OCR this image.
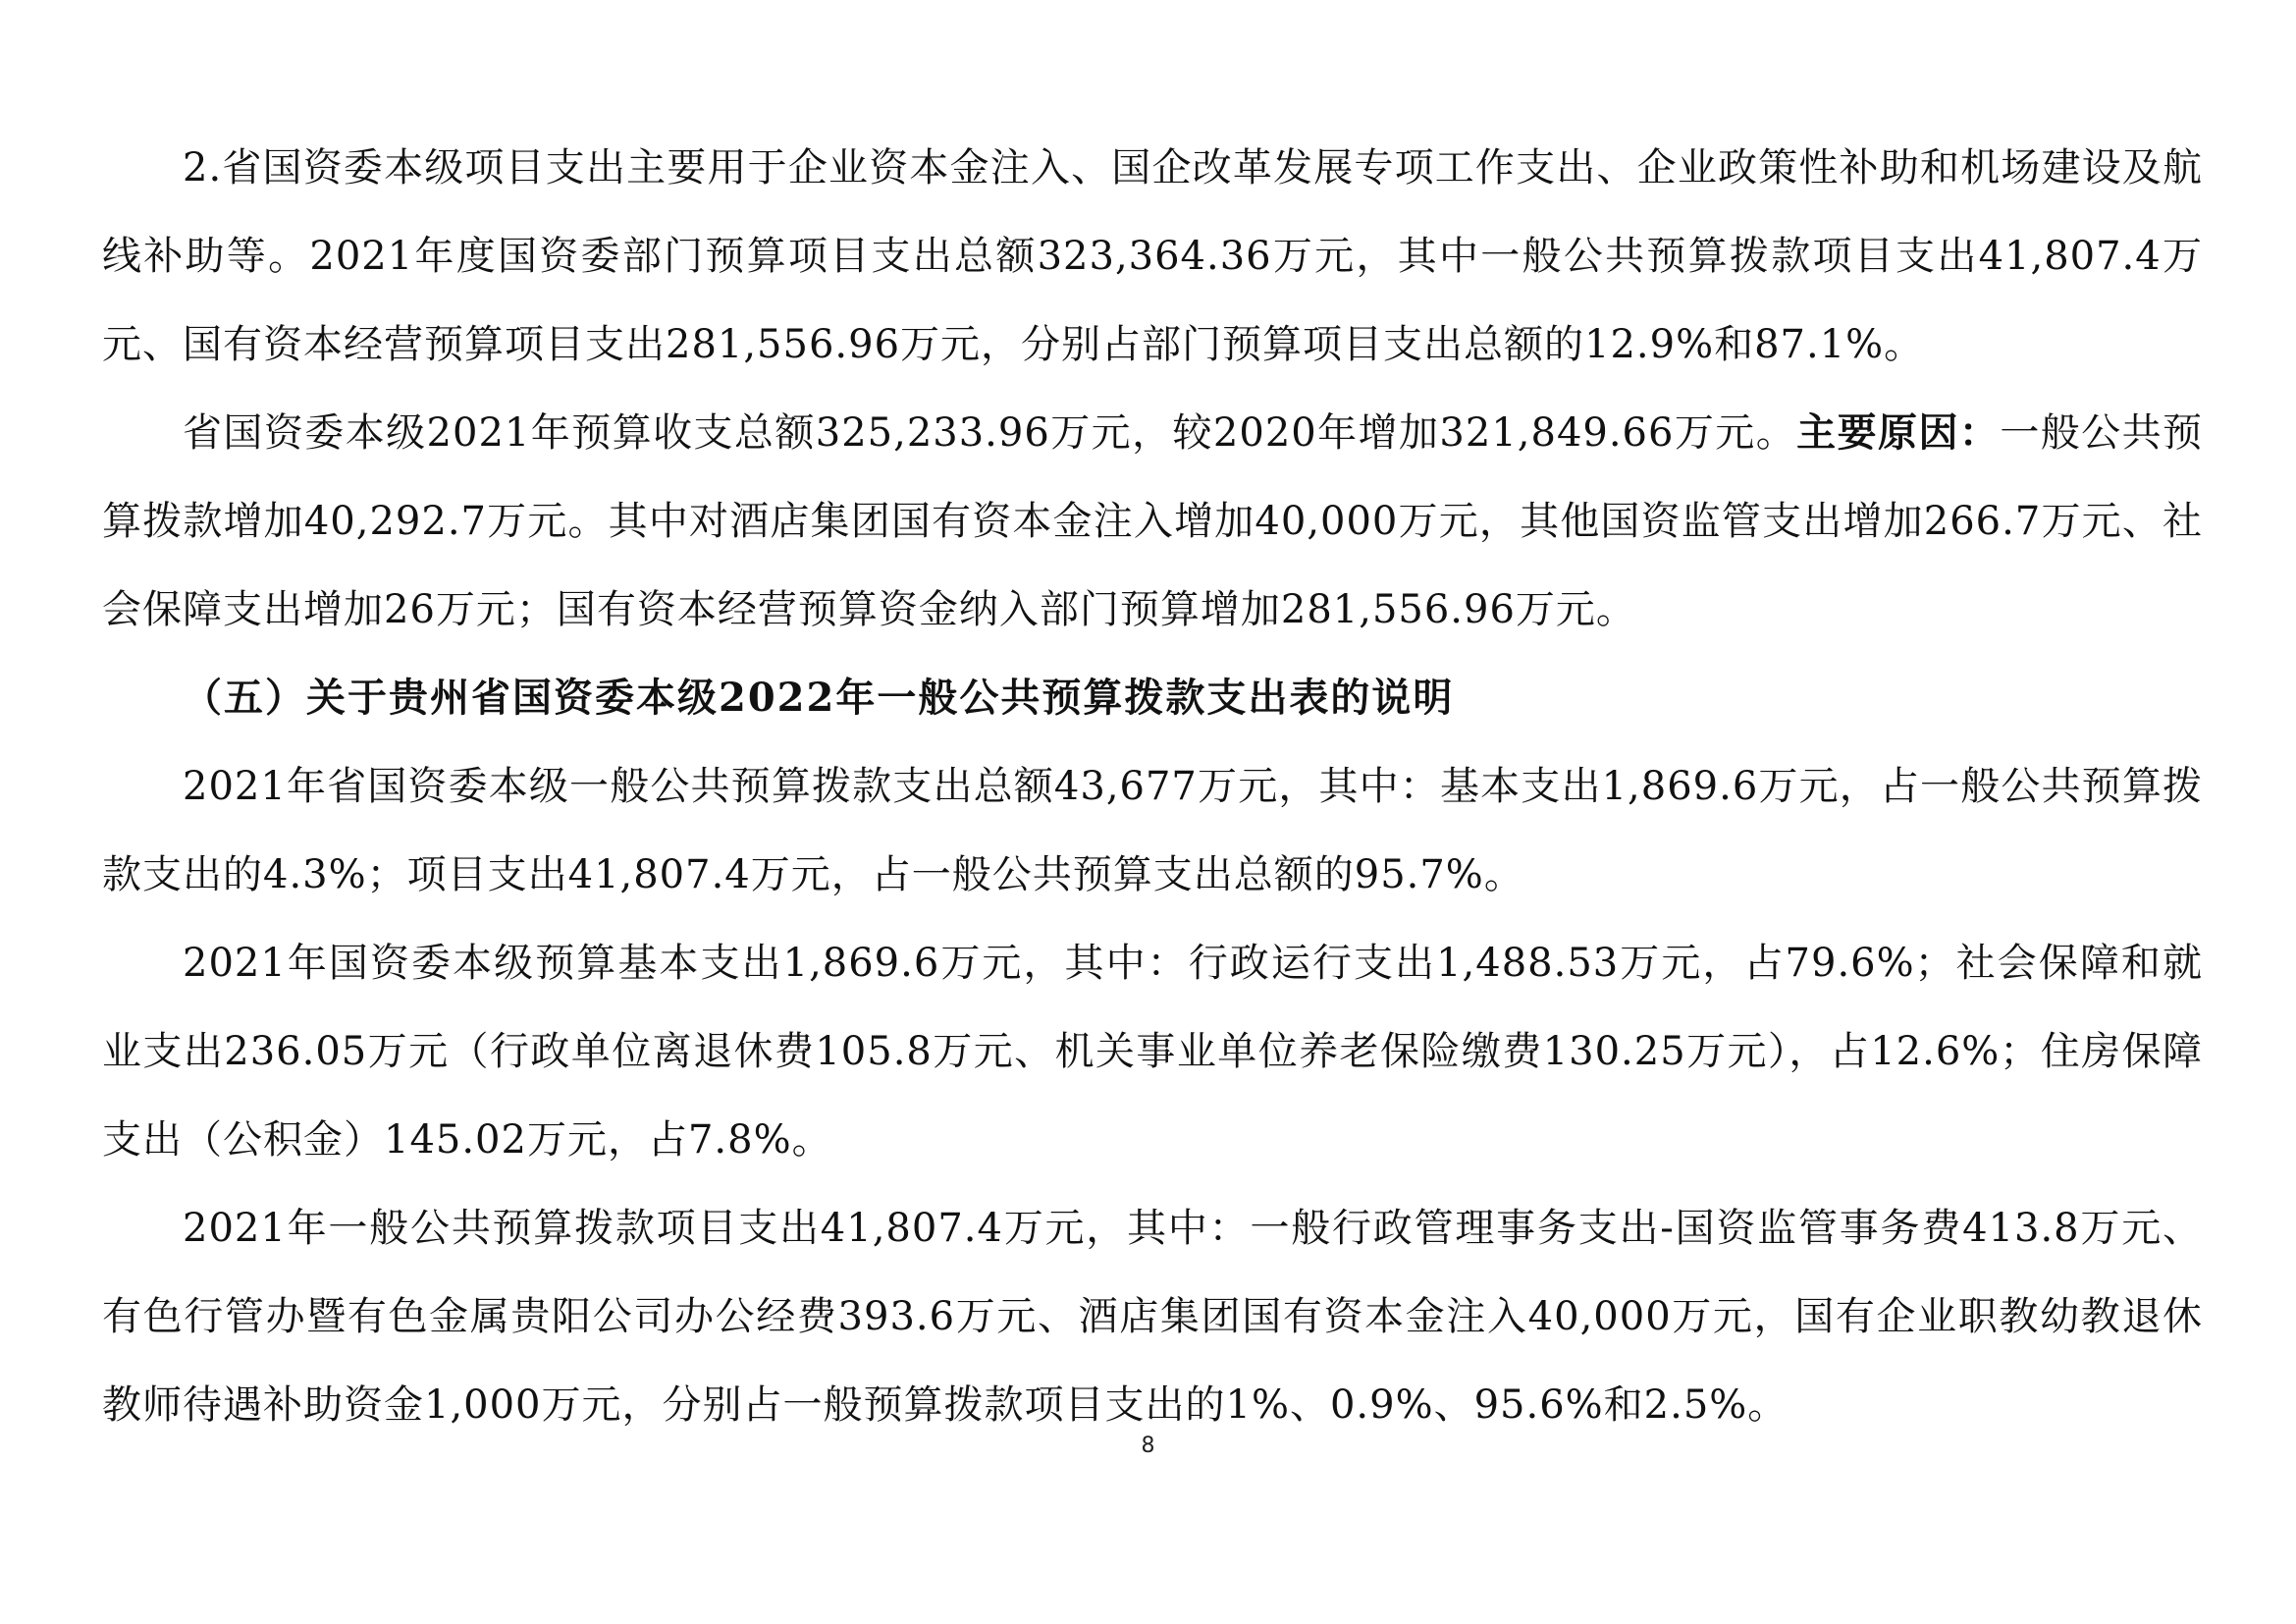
2.省国资委本级项目支出主要用于企业资本金注入、国企改革发展专项工作支出、企业政策性补助和机场建设及航线补助等。2021年度国资委部门预算项目支出总额323,364.36万元，其中一般公共预算拨款项目支出41,807.4万元、国有资本经营预算项目支出281,556.96万元，分别占部门预算项目支出总额的12.9%和87.1%。

省国资委本级2021年预算收支总额325,233.96万元，较2020年增加321,849.66万元。主要原因：一般公共预算拨款增加40,292.7万元。其中对酒店集团国有资本金注入增加40,000万元，其他国资监管支出增加266.7万元、社会保障支出增加26万元；国有资本经营预算资金纳入部门预算增加281,556.96万元。

（五）关于贵州省国资委本级2022年一般公共预算拨款支出表的说明

2021年省国资委本级一般公共预算拨款支出总额43,677万元，其中：基本支出1,869.6万元，占一般公共预算拨款支出的4.3%；项目支出41,807.4万元，占一般公共预算支出总额的95.7%。

2021年国资委本级预算基本支出1,869.6万元，其中：行政运行支出1,488.53万元，占79.6%；社会保障和就业支出236.05万元（行政单位离退休费105.8万元、机关事业单位养老保险缴费130.25万元），占12.6%；住房保障支出（公积金）145.02万元，占7.8%。

2021年一般公共预算拨款项目支出41,807.4万元，其中：一般行政管理事务支出-国资监管事务费413.8万元、有色行管办暨有色金属贵阳公司办公经费393.6万元、酒店集团国有资本金注入40,000万元，国有企业职教幼教退休教师待遇补助资金1,000万元，分别占一般预算拨款项目支出的1%、0.9%、95.6%和2.5%。

8
